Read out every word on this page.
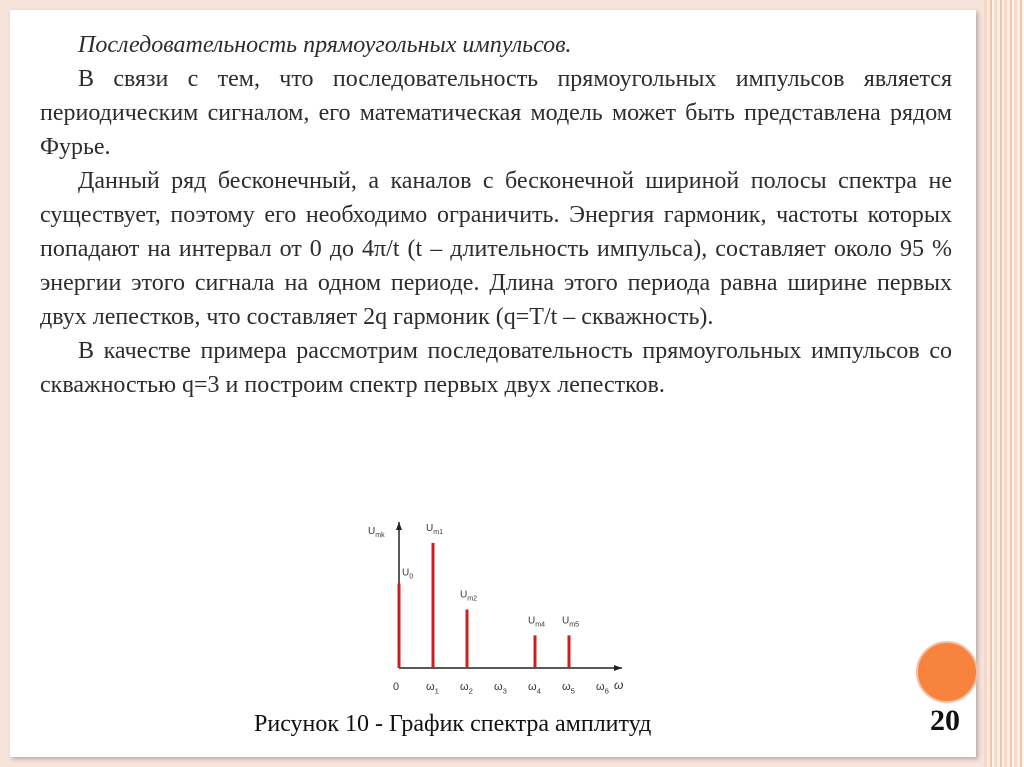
Последовательность прямоугольных импульсов.

В связи с тем, что последовательность прямоугольных импульсов является периодическим сигналом, его математическая модель может быть представлена рядом Фурье.

Данный ряд бесконечный, а каналов с бесконечной шириной полосы спектра не существует, поэтому его необходимо ограничить. Энергия гармоник, частоты которых попадают на интервал от 0 до 4π/t (t – длительность импульса), составляет около 95 % энергии этого сигнала на одном периоде. Длина этого периода равна ширине первых двух лепестков, что составляет 2q гармоник (q=T/t – скважность).

В качестве примера рассмотрим последовательность прямоугольных импульсов со скважностью q=3 и построим спектр первых двух лепестков.

$U_{mk}$
0	ω
$\omega_1$ $\omega_2$ $\omega_3$ $\omega_4$ $\omega_5$ $\omega_6$
$U_0$
$U_{m1}$
$U_{m2}$
$U_{m4}$ $U_{m5}$
Рисунок 10 - График спектра амплитуд	20
